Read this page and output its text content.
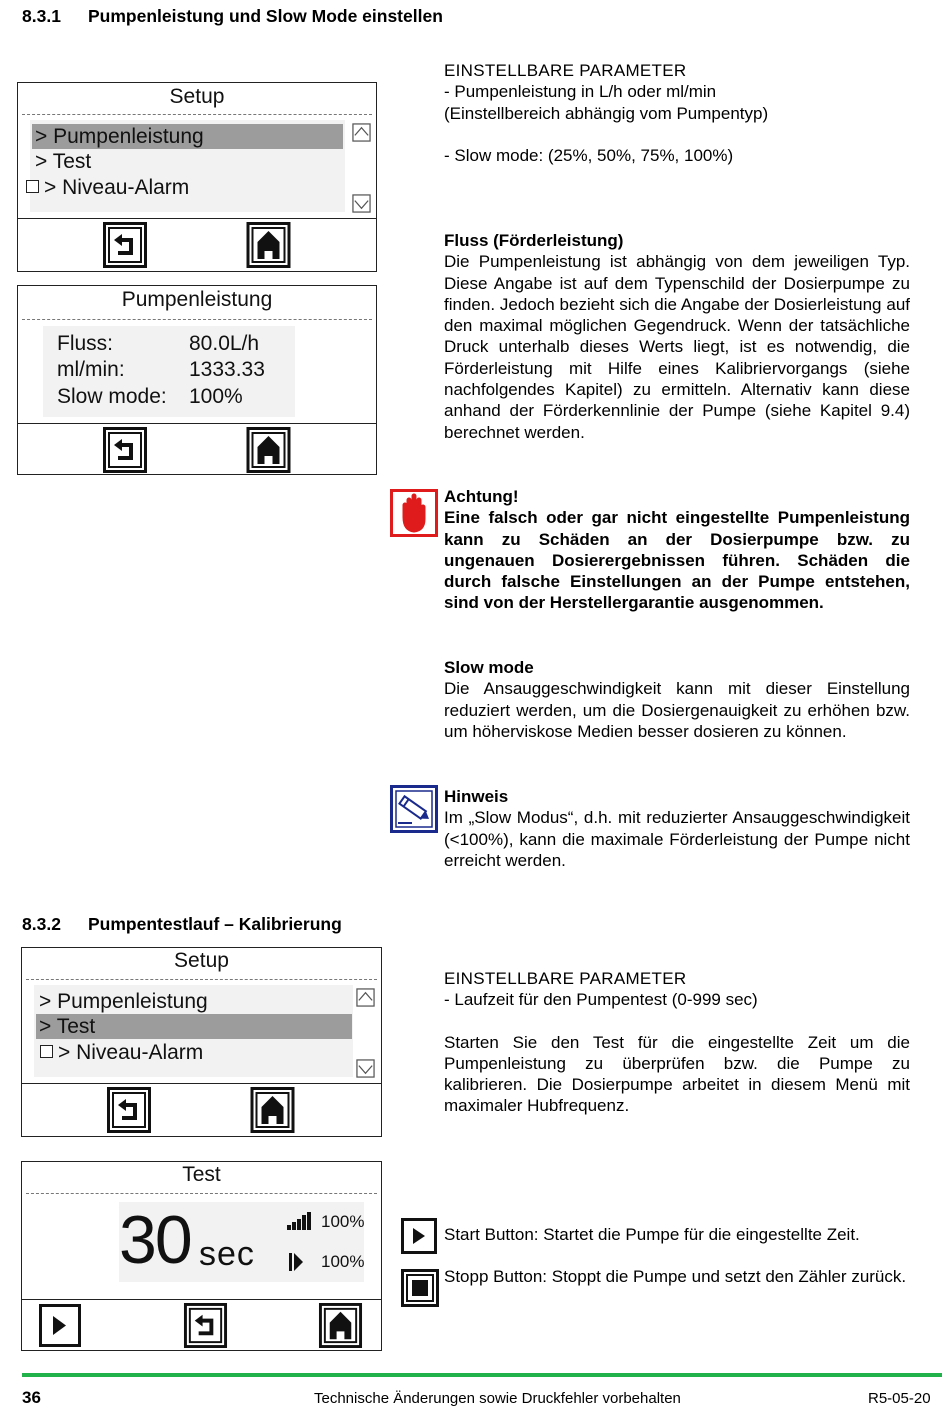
8.3.1 Pumpenleistung und Slow Mode einstellen
Setup
> Pumpenleistung
> Test
> Niveau-Alarm
Pumpenleistung
Fluss:	80.0L/h
ml/min:	1333.33
Slow mode: 100%
EINSTELLBARE PARAMETER
- Pumpenleistung in L/h oder ml/min
(Einstellbereich abhängig vom Pumpentyp)
- Slow mode: (25%, 50%, 75%, 100%)
Fluss (Förderleistung)
Die Pumpenleistung ist abhängig von dem jeweiligen Typ. Diese Angabe ist auf dem Typenschild der Dosierpumpe zu finden. Jedoch bezieht sich die Angabe der Dosierleistung auf den maximal möglichen Gegendruck. Wenn der tatsächliche Druck unterhalb dieses Werts liegt, ist es notwendig, die Förderleistung mit Hilfe eines Kalibriervorgangs (siehe nachfolgendes Kapitel) zu ermitteln. Alternativ kann diese anhand der Förderkennlinie der Pumpe (siehe Kapitel 9.4) berechnet werden.
Achtung!
Eine falsch oder gar nicht eingestellte Pumpenleistung kann zu Schäden an der Dosierpumpe bzw. zu ungenauen Dosierergebnissen führen. Schäden die durch falsche Einstellungen an der Pumpe entstehen, sind von der Herstellergarantie ausgenommen.
Slow mode
Die Ansauggeschwindigkeit kann mit dieser Einstellung reduziert werden, um die Dosiergenauigkeit zu erhöhen bzw. um höherviskose Medien besser dosieren zu können.
Hinweis
Im „Slow Modus“, d.h. mit reduzierter Ansauggeschwindigkeit (<100%), kann die maximale Förderleistung der Pumpe nicht erreicht werden.
8.3.2 Pumpentestlauf – Kalibrierung
Setup
> Pumpenleistung
> Test
> Niveau-Alarm
Test
30 sec
100%
100%
EINSTELLBARE PARAMETER
- Laufzeit für den Pumpentest (0-999 sec)
Starten Sie den Test für die eingestellte Zeit um die Pumpenleistung zu überprüfen bzw. die Pumpe zu kalibrieren. Die Dosierpumpe arbeitet in diesem Menü mit maximaler Hubfrequenz.
Start Button: Startet die Pumpe für die eingestellte Zeit.
Stopp Button: Stoppt die Pumpe und setzt den Zähler zurück.
36	Technische Änderungen sowie Druckfehler vorbehalten	R5-05-20
